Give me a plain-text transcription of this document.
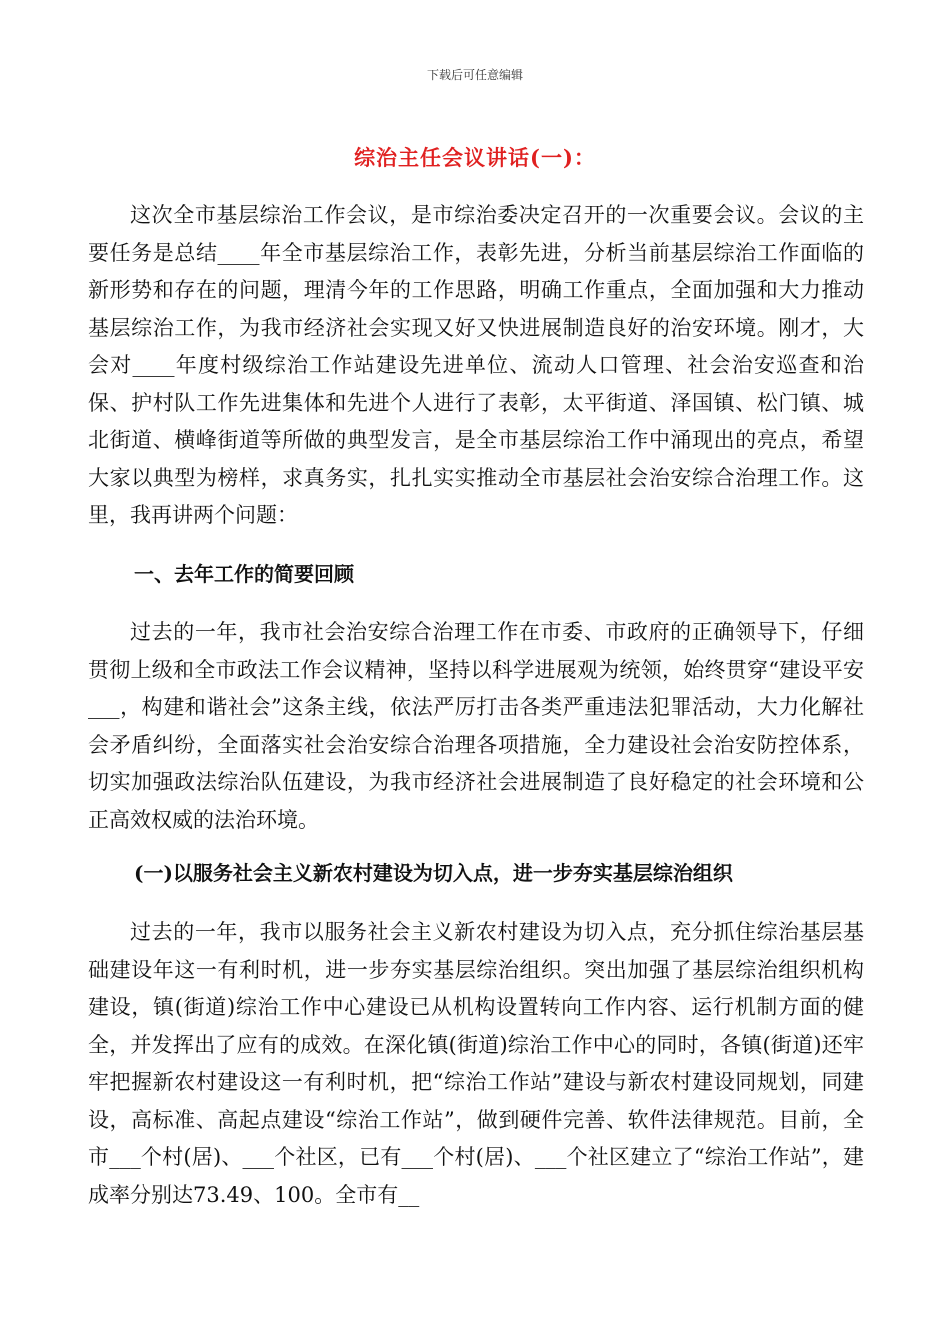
下载后可任意编辑
综治主任会议讲话(一)：

这次全市基层综治工作会议，是市综治委决定召开的一次重要会议。会议的主要任务是总结____年全市基层综治工作，表彰先进，分析当前基层综治工作面临的新形势和存在的问题，理清今年的工作思路，明确工作重点，全面加强和大力推动基层综治工作，为我市经济社会实现又好又快进展制造良好的治安环境。刚才，大会对____年度村级综治工作站建设先进单位、流动人口管理、社会治安巡查和治保、护村队工作先进集体和先进个人进行了表彰，太平街道、泽国镇、松门镇、城北街道、横峰街道等所做的典型发言，是全市基层综治工作中涌现出的亮点，希望大家以典型为榜样，求真务实，扎扎实实推动全市基层社会治安综合治理工作。这里，我再讲两个问题：

一、去年工作的简要回顾

过去的一年，我市社会治安综合治理工作在市委、市政府的正确领导下，仔细贯彻上级和全市政法工作会议精神，坚持以科学进展观为统领，始终贯穿“建设平安___，构建和谐社会”这条主线，依法严厉打击各类严重违法犯罪活动，大力化解社会矛盾纠纷，全面落实社会治安综合治理各项措施，全力建设社会治安防控体系，切实加强政法综治队伍建设，为我市经济社会进展制造了良好稳定的社会环境和公正高效权威的法治环境。

(一)以服务社会主义新农村建设为切入点，进一步夯实基层综治组织

过去的一年，我市以服务社会主义新农村建设为切入点，充分抓住综治基层基础建设年这一有利时机，进一步夯实基层综治组织。突出加强了基层综治组织机构建设，镇(街道)综治工作中心建设已从机构设置转向工作内容、运行机制方面的健全，并发挥出了应有的成效。在深化镇(街道)综治工作中心的同时，各镇(街道)还牢牢把握新农村建设这一有利时机，把“综治工作站”建设与新农村建设同规划，同建设，高标准、高起点建设“综治工作站”，做到硬件完善、软件法律规范。目前，全市___个村(居)、___个社区，已有___个村(居)、___个社区建立了“综治工作站”，建成率分别达73.49、100。全市有__
